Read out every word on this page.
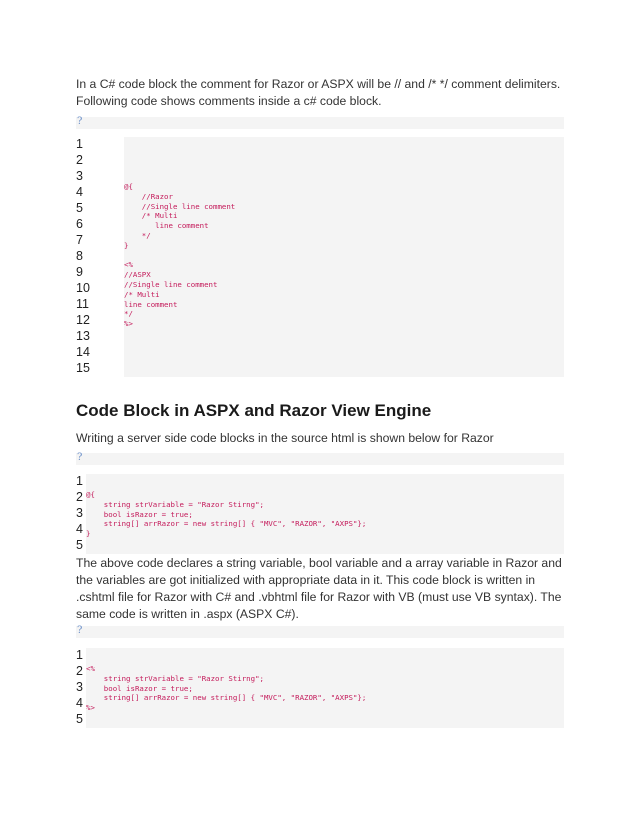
In a C# code block the comment for Razor or ASPX will be // and /* */ comment delimiters.
Following code shows comments inside a c# code block.

?
1
2
3
4
5
6
7
8
9
10
11
12
13
14
15
@{
//Razor
//Single line comment
/* Multi
line comment
*/
}
<%
//ASPX
//Single line comment
/* Multi
line comment
*/
%>
Code Block in ASPX and Razor View Engine

Writing a server side code blocks in the source html is shown below for Razor

?
1
2
3
4
5
@{
string strVariable = "Razor Stirng";
bool isRazor = true;
string[] arrRazor = new string[] { "MVC", "RAZOR", "AXPS"};
}

The above code declares a string variable, bool variable and a array variable in Razor and
the variables are got initialized with appropriate data in it. This code block is written in
.cshtml file for Razor with C# and .vbhtml file for Razor with VB (must use VB syntax). The
same code is written in .aspx (ASPX C#).

?
1
2
3
4
5
<%
string strVariable = "Razor Stirng";
bool isRazor = true;
string[] arrRazor = new string[] { "MVC", "RAZOR", "AXPS"};
%>
